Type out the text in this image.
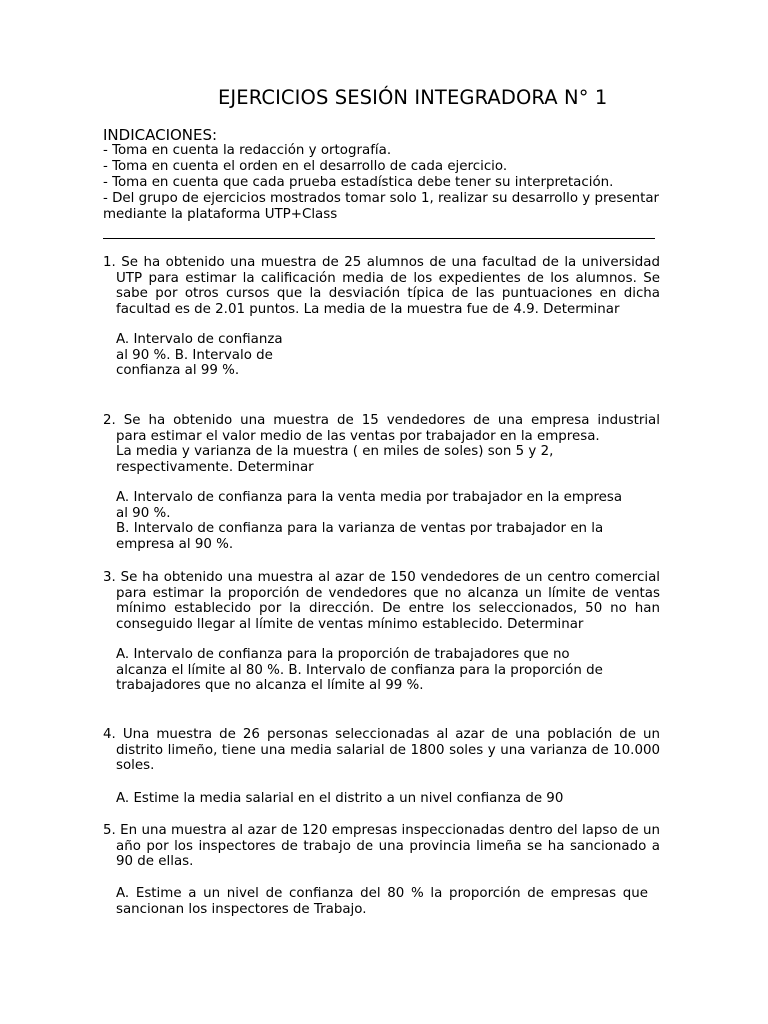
EJERCICIOS SESIÓN INTEGRADORA N° 1
INDICACIONES:
- Toma en cuenta la redacción y ortografía.
- Toma en cuenta el orden en el desarrollo de cada ejercicio.
- Toma en cuenta que cada prueba estadística debe tener su interpretación.
- Del grupo de ejercicios mostrados tomar solo 1, realizar su desarrollo y presentar mediante la plataforma UTP+Class
1. Se ha obtenido una muestra de 25 alumnos de una facultad de la universidad UTP para estimar la calificación media de los expedientes de los alumnos. Se sabe por otros cursos que la desviación típica de las puntuaciones en dicha facultad es de 2.01 puntos. La media de la muestra fue de 4.9. Determinar
A. Intervalo de confianza
al 90 %. B. Intervalo de
confianza al 99 %.
2. Se ha obtenido una muestra de 15 vendedores de una empresa industrial
para estimar el valor medio de las ventas por trabajador en la empresa.
La media y varianza de la muestra ( en miles de soles) son 5 y 2,
respectivamente. Determinar
A. Intervalo de confianza para la venta media por trabajador en la empresa
al 90 %.
B. Intervalo de confianza para la varianza de ventas por trabajador en la
empresa al 90 %.
3. Se ha obtenido una muestra al azar de 150 vendedores de un centro comercial para estimar la proporción de vendedores que no alcanza un límite de ventas mínimo establecido por la dirección. De entre los seleccionados, 50 no han conseguido llegar al límite de ventas mínimo establecido. Determinar
A. Intervalo de confianza para la proporción de trabajadores que no
alcanza el límite al 80 %. B. Intervalo de confianza para la proporción de
trabajadores que no alcanza el límite al 99 %.
4. Una muestra de 26 personas seleccionadas al azar de una población de un distrito limeño, tiene una media salarial de 1800 soles y una varianza de 10.000 soles.
A. Estime la media salarial en el distrito a un nivel confianza de 90
5. En una muestra al azar de 120 empresas inspeccionadas dentro del lapso de un año por los inspectores de trabajo de una provincia limeña se ha sancionado a 90 de ellas.
A. Estime a un nivel de confianza del 80 % la proporción de empresas que sancionan los inspectores de Trabajo.
